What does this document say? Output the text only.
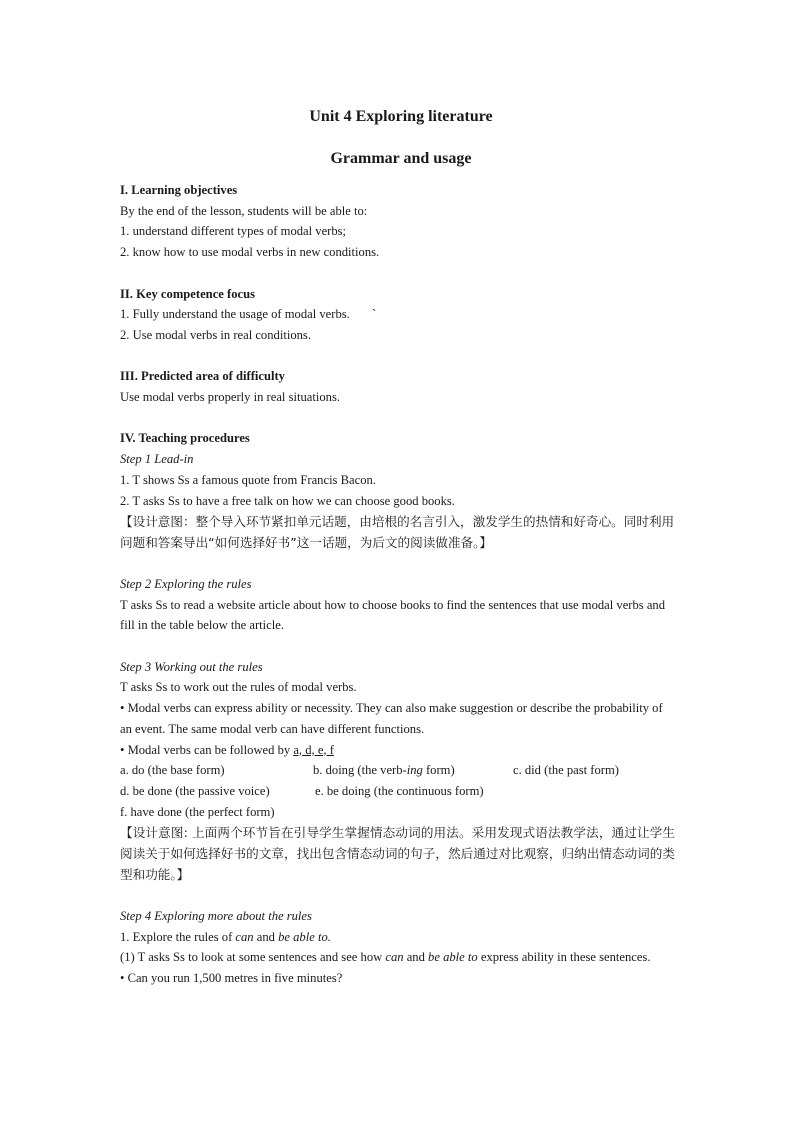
Unit 4 Exploring literature
Grammar and usage

I. Learning objectives

By the end of the lesson, students will be able to:

1. understand different types of modal verbs;

2. know how to use modal verbs in new conditions.

II. Key competence focus

1. Fully understand the usage of modal verbs.       `

2. Use modal verbs in real conditions.

III. Predicted area of difficulty

Use modal verbs properly in real situations.

IV. Teaching procedures

Step 1 Lead-in

1. T shows Ss a famous quote from Francis Bacon.

2. T asks Ss to have a free talk on how we can choose good books.

【设计意图：整个导入环节紧扣单元话题，由培根的名言引入，激发学生的热情和好奇心。同时利用问题和答案导出“如何选择好书”这一话题，为后文的阅读做准备。】

Step 2 Exploring the rules

T asks Ss to read a website article about how to choose books to find the sentences that use modal verbs and fill in the table below the article.

Step 3 Working out the rules

T asks Ss to work out the rules of modal verbs.

• Modal verbs can express ability or necessity. They can also make suggestion or describe the probability of an event. The same modal verb can have different functions.

• Modal verbs can be followed by a, d, e, f

a. do (the base form)	b. doing (the verb-ing form)	c. did (the past form)
d. be done (the passive voice)	e. be doing (the continuous form)

f. have done (the perfect form)

【设计意图: 上面两个环节旨在引导学生掌握情态动词的用法。采用发现式语法教学法，通过让学生阅读关于如何选择好书的文章，找出包含情态动词的句子，然后通过对比观察，归纳出情态动词的类型和功能。】

Step 4 Exploring more about the rules

1. Explore the rules of can and be able to.

(1) T asks Ss to look at some sentences and see how can and be able to express ability in these sentences.

• Can you run 1,500 metres in five minutes?
